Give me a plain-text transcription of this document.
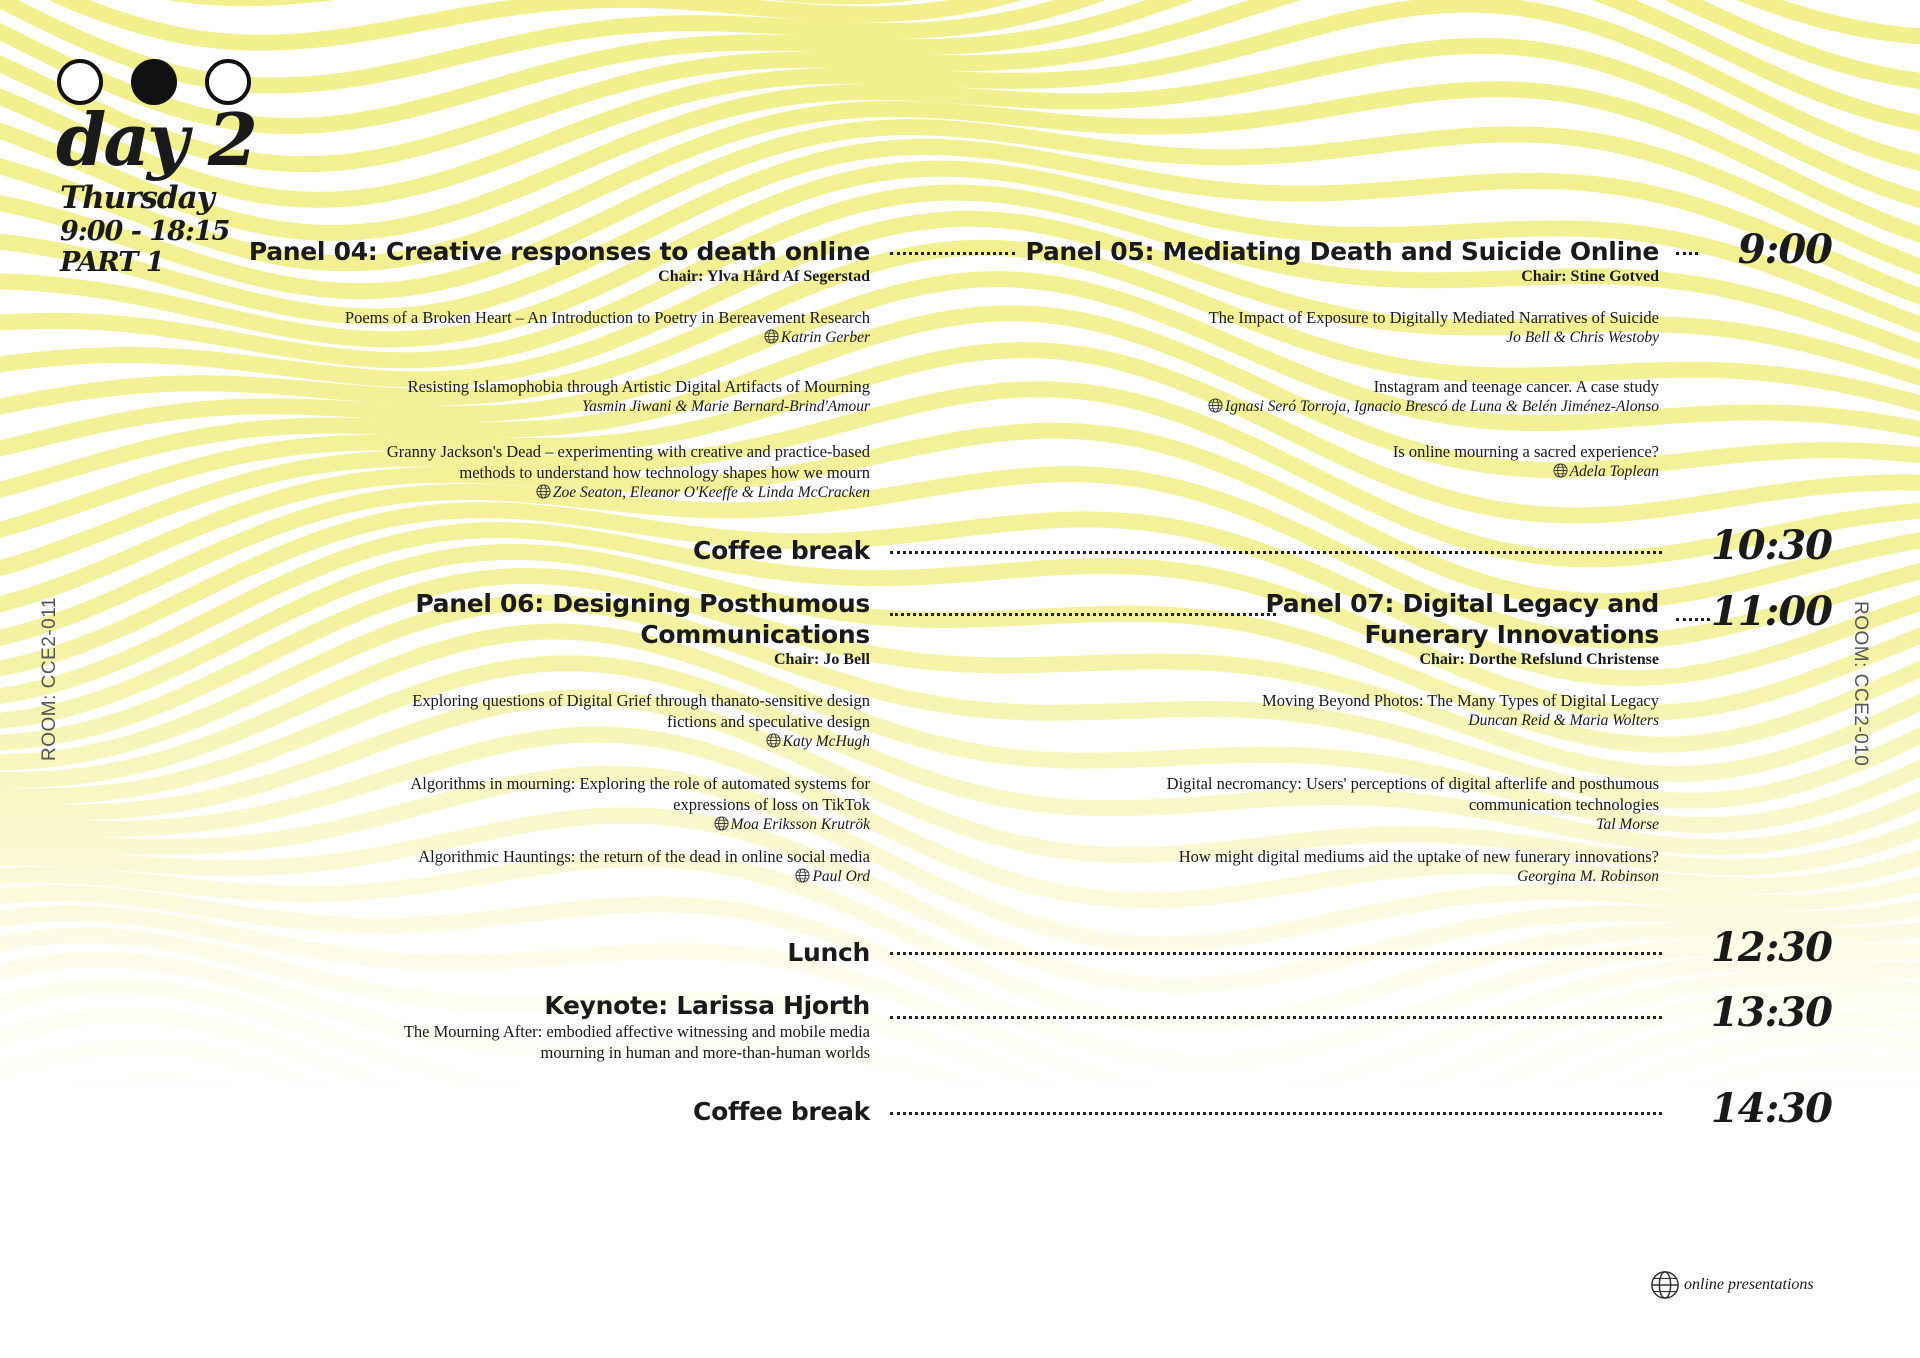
day 2
Thursday
9:00 - 18:15
PART 1
ROOM: CCE2-011	ROOM: CCE2-010
9:00
10:30
11:00
12:30
13:30
14:30
Panel 04: Creative responses to death online
Chair: Ylva Hård Af Segerstad
Poems of a Broken Heart – An Introduction to Poetry in Bereavement Research
Katrin Gerber
Resisting Islamophobia through Artistic Digital Artifacts of Mourning
Yasmin Jiwani & Marie Bernard-Brind'Amour
Granny Jackson's Dead – experimenting with creative and practice-based
methods to understand how technology shapes how we mourn
Zoe Seaton, Eleanor O'Keeffe & Linda McCracken
Panel 05: Mediating Death and Suicide Online
Chair: Stine Gotved
The Impact of Exposure to Digitally Mediated Narratives of Suicide
Jo Bell & Chris Westoby
Instagram and teenage cancer. A case study
Ignasi Seró Torroja, Ignacio Brescó de Luna & Belén Jiménez-Alonso
Is online mourning a sacred experience?
Adela Toplean
Coffee break
Panel 06: Designing Posthumous
Communications
Chair: Jo Bell
Exploring questions of Digital Grief through thanato-sensitive design
fictions and speculative design
Katy McHugh
Algorithms in mourning: Exploring the role of automated systems for
expressions of loss on TikTok
Moa Eriksson Krutrök
Algorithmic Hauntings: the return of the dead in online social media
Paul Ord
Panel 07: Digital Legacy and
Funerary Innovations
Chair: Dorthe Refslund Christense
Moving Beyond Photos: The Many Types of Digital Legacy
Duncan Reid & Maria Wolters
Digital necromancy: Users' perceptions of digital afterlife and posthumous
communication technologies
Tal Morse
How might digital mediums aid the uptake of new funerary innovations?
Georgina M. Robinson
Lunch
Keynote: Larissa Hjorth
The Mourning After: embodied affective witnessing and mobile media
mourning in human and more-than-human worlds
Coffee break
online presentations
